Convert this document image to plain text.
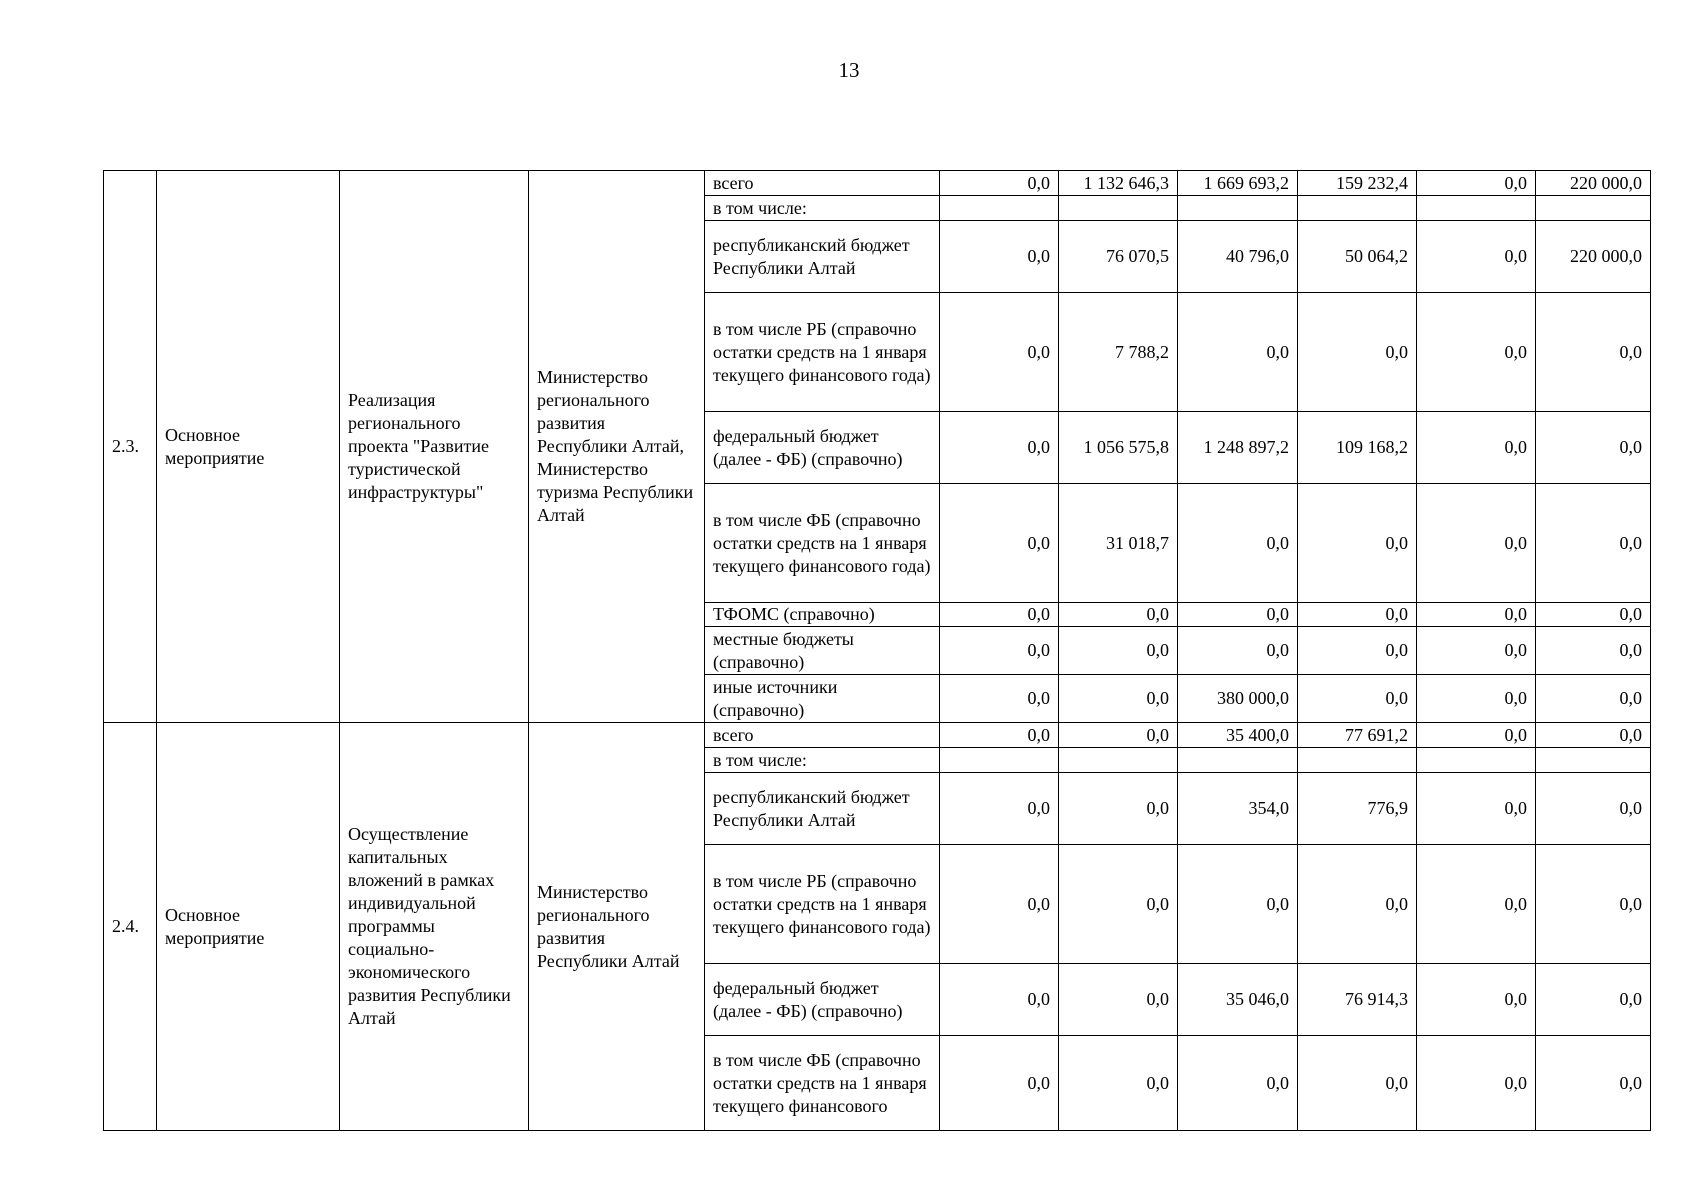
13
2.3.	Основное мероприятие	Реализация регионального проекта "Развитие туристической инфраструктуры"	Министерство регионального развития Республики Алтай, Министерство туризма Республики Алтай	всего	0,0	1 132 646,3	1 669 693,2	159 232,4	0,0	220 000,0
				в том числе:						
				республиканский бюджет Республики Алтай	0,0	76 070,5	40 796,0	50 064,2	0,0	220 000,0
				в том числе РБ (справочно остатки средств на 1 января текущего финансового года)	0,0	7 788,2	0,0	0,0	0,0	0,0
				федеральный бюджет (далее - ФБ) (справочно)	0,0	1 056 575,8	1 248 897,2	109 168,2	0,0	0,0
				в том числе ФБ (справочно остатки средств на 1 января текущего финансового года)	0,0	31 018,7	0,0	0,0	0,0	0,0
				ТФОМС (справочно)	0,0	0,0	0,0	0,0	0,0	0,0
				местные бюджеты (справочно)	0,0	0,0	0,0	0,0	0,0	0,0
				иные источники (справочно)	0,0	0,0	380 000,0	0,0	0,0	0,0
2.4.	Основное мероприятие	Осуществление капитальных вложений в рамках индивидуальной программы социально-экономического развития Республики Алтай	Министерство регионального развития Республики Алтай	всего	0,0	0,0	35 400,0	77 691,2	0,0	0,0
				в том числе:						
				республиканский бюджет Республики Алтай	0,0	0,0	354,0	776,9	0,0	0,0
				в том числе РБ (справочно остатки средств на 1 января текущего финансового года)	0,0	0,0	0,0	0,0	0,0	0,0
				федеральный бюджет (далее - ФБ) (справочно)	0,0	0,0	35 046,0	76 914,3	0,0	0,0
				в том числе ФБ (справочно остатки средств на 1 января текущего финансового	0,0	0,0	0,0	0,0	0,0	0,0
